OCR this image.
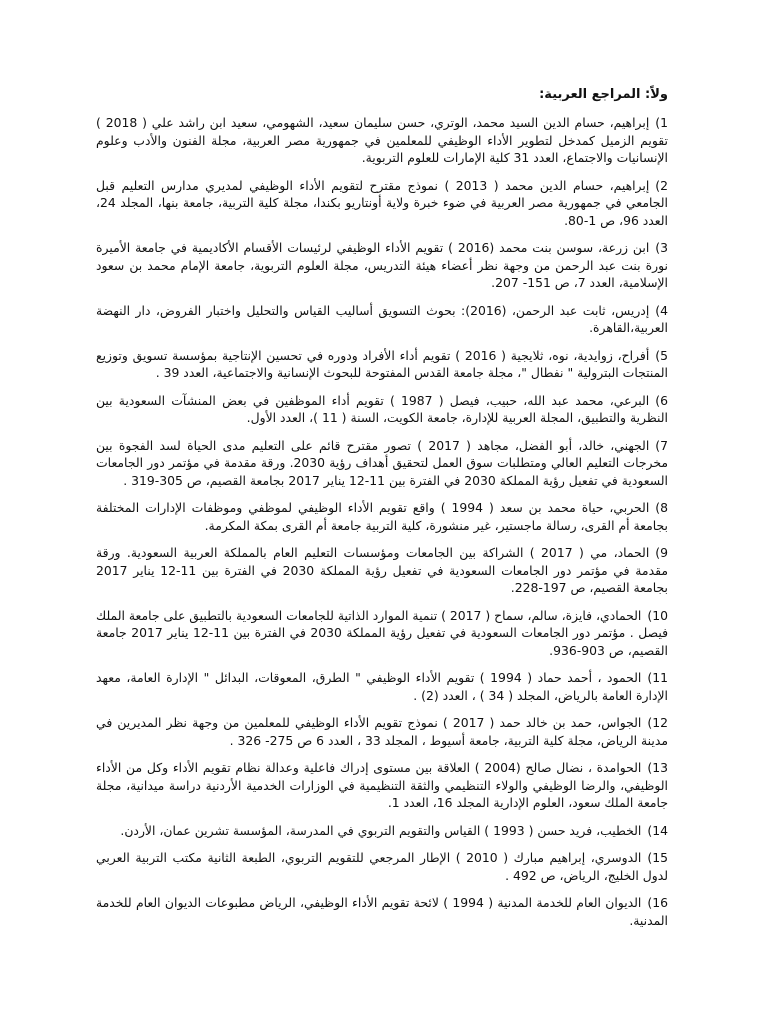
ولاً: المراجع العربية:
1)إبراهيم، حسام الدين السيد محمد، الوتري، حسن سليمان سعيد، الشهومي، سعيد ابن راشد علي ( 2018 ) تقويم الزميل كمدخل لتطوير الأداء الوظيفي للمعلمين في جمهورية مصر العربية، مجلة الفنون والأدب وعلوم الإنسانيات والاجتماع، العدد 31 كلية الإمارات للعلوم التربوية.
2)إبراهيم، حسام الدين محمد ( 2013 ) نموذج مقترح لتقويم الأداء الوظيفي لمديري مدارس التعليم قبل الجامعي في جمهورية مصر العربية في ضوء خبرة ولاية أونتاريو بكندا، مجلة كلية التربية، جامعة بنها، المجلد 24، العدد 96، ص 1-80.
3)ابن زرعة، سوسن بنت محمد (2016 ) تقويم الأداء الوظيفي لرئيسات الأقسام الأكاديمية في جامعة الأميرة نورة بنت عبد الرحمن من وجهة نظر أعضاء هيئة التدريس، مجلة العلوم التربوية، جامعة الإمام محمد بن سعود الإسلامية، العدد 7، ص 151- 207.
4)إدريس، ثابت عبد الرحمن، (2016): بحوث التسويق أساليب القياس والتحليل واختبار الفروض، دار النهضة العربية،القاهرة.
5)أفراح، زوايدية، نوه، ثلايجية ( 2016 ) تقويم أداء الأفراد ودوره في تحسين الإنتاجية بمؤسسة تسويق وتوزيع المنتجات البترولية " نفطال "، مجلة جامعة القدس المفتوحة للبحوث الإنسانية والاجتماعية، العدد 39 .
6)البرعي، محمد عبد الله، حبيب، فيصل ( 1987 ) تقويم أداء الموظفين في بعض المنشآت السعودية بين النظرية والتطبيق، المجلة العربية للإدارة، جامعة الكويت، السنة ( 11 )، العدد الأول.
7)الجهني، خالد، أبو الفضل، مجاهد ( 2017 ) تصور مقترح قائم على التعليم مدى الحياة لسد الفجوة بين مخرجات التعليم العالي ومتطلبات سوق العمل لتحقيق أهداف رؤية 2030. ورقة مقدمة في مؤتمر دور الجامعات السعودية في تفعيل رؤية المملكة 2030 في الفترة بين 11-12 يناير 2017 بجامعة القصيم، ص 305-319 .
8)الحربي، حياة محمد بن سعد ( 1994 ) واقع تقويم الأداء الوظيفي لموظفي وموظفات الإدارات المختلفة بجامعة أم القرى، رسالة ماجستير، غير منشورة، كلية التربية جامعة أم القرى بمكة المكرمة.
9)الحماد، مي ( 2017 ) الشراكة بين الجامعات ومؤسسات التعليم العام بالمملكة العربية السعودية. ورقة مقدمة في مؤتمر دور الجامعات السعودية في تفعيل رؤية المملكة 2030 في الفترة بين 11-12 يناير 2017 بجامعة القصيم، ص 197-228.
10)الحمادي، فايزة، سالم، سماح ( 2017 ) تنمية الموارد الذاتية للجامعات السعودية بالتطبيق على جامعة الملك فيصل . مؤتمر دور الجامعات السعودية في تفعيل رؤية المملكة 2030 في الفترة بين 11-12 يناير 2017 جامعة القصيم، ص 903-936.
11)الحمود ، أحمد حماد ( 1994 ) تقويم الأداء الوظيفي " الطرق، المعوقات، البدائل " الإدارة العامة، معهد الإدارة العامة بالرياض، المجلد ( 34 ) ، العدد (2) .
12)الجواس، حمد بن خالد حمد ( 2017 ) نموذج تقويم الأداء الوظيفي للمعلمين من وجهة نظر المديرين في مدينة الرياض، مجلة كلية التربية، جامعة أسيوط ، المجلد 33 ، العدد 6 ص 275- 326 .
13)الحوامدة ، نضال صالح (2004 ) العلاقة بين مستوى إدراك فاعلية وعدالة نظام تقويم الأداء وكل من الأداء الوظيفي، والرضا الوظيفي والولاء التنظيمي والثقة التنظيمية في الوزارات الخدمية الأردنية دراسة ميدانية، مجلة جامعة الملك سعود، العلوم الإدارية المجلد 16، العدد 1.
14)الخطيب، فريد حسن ( 1993 ) القياس والتقويم التربوي في المدرسة، المؤسسة تشرين عمان، الأردن.
15)الدوسري، إبراهيم مبارك ( 2010 ) الإطار المرجعي للتقويم التربوي، الطبعة الثانية مكتب التربية العربي لدول الخليج، الرياض، ص 492 .
16)الديوان العام للخدمة المدنية ( 1994 ) لائحة تقويم الأداء الوظيفي، الرياض مطبوعات الديوان العام للخدمة المدنية.
